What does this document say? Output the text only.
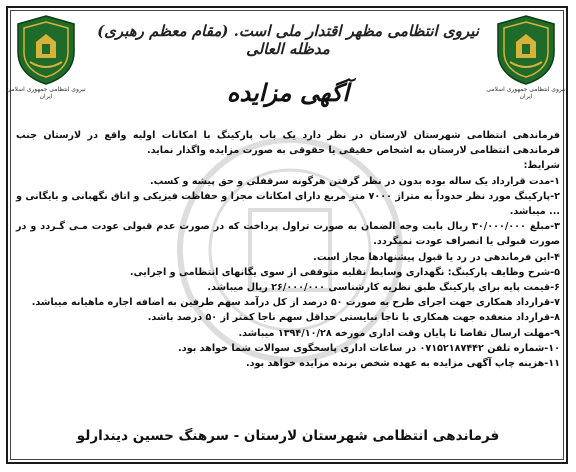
نیروی انتظامی جمهوری اسلامی ایران
نیروی انتظامی جمهوری اسلامی ایران
نیروی انتظامی مظهر اقتدار ملی است. (مقام معظم رهبری) مدظله العالی
آگهی مزایده

فرماندهی انتظامی شهرستان لارستان در نظر دارد یک باب پارکینگ با امکانات اولیه واقع در لارستان جنب فرماندهی انتظامی لارستان به اشخاص حقیقی یا حقوقی به صورت مزایده واگذار نماید.

شرایط:

۱-مدت قرارداد یک ساله بوده بدون در نظر گرفتن هرگونه سرقفلی و حق پیشه و کسب.

۲-پارکینگ مورد نظر حدوداً به متراژ ۷۰۰۰ متر مربع دارای امکانات مجزا و حفاظت فیزیکی و اتاق نگهبانی و بایگانی و ... میباشد.

۳-مبلغ ۳۰/۰۰۰/۰۰۰ ریال بابت وجه الضمان به صورت تراول پرداخت که در صورت عدم قبولی عودت مـی گـردد و در صورت قبولی یا انصراف عودت نمیگردد.

۴-این فرماندهی در رد یا قبول پیشنهادها مجاز است.

۵-شرح وظایف پارکینگ: نگهداری وسایط نقلیه متوقفی از سوی یگانهای انتظامی و اجرایی.

۶-قیمت پایه برای پارکینگ طبق نظریه کارشناسی ۲۶/۰۰۰/۰۰۰ ریال میباشد.

۷-قرارداد همکاری جهت اجرای طرح به صورت ۵۰ درصد از کل درآمد سهم طرفین به اضافه اجاره ماهیانه میباشد.

۸-قرارداد منعقده جهت همکاری با ناجا نبایستی حداقل سهم ناجا کمتر از ۵۰ درصد باشد.

۹-مهلت ارسال تقاضا تا پایان وقت اداری مورخه ۱۳۹۴/۱۰/۲۸ میباشد.

۱۰-شماره تلفن ۰۷۱۵۲۱۸۷۴۴۲ در ساعات اداری پاسخگوی سوالات شما خواهد بود.

۱۱-هزینه چاپ آگهی مزایده به عهده شخص برنده مزایده خواهد بود.

فرماندهی انتظامی شهرستان لارستان - سرهنگ حسین دیندارلو
